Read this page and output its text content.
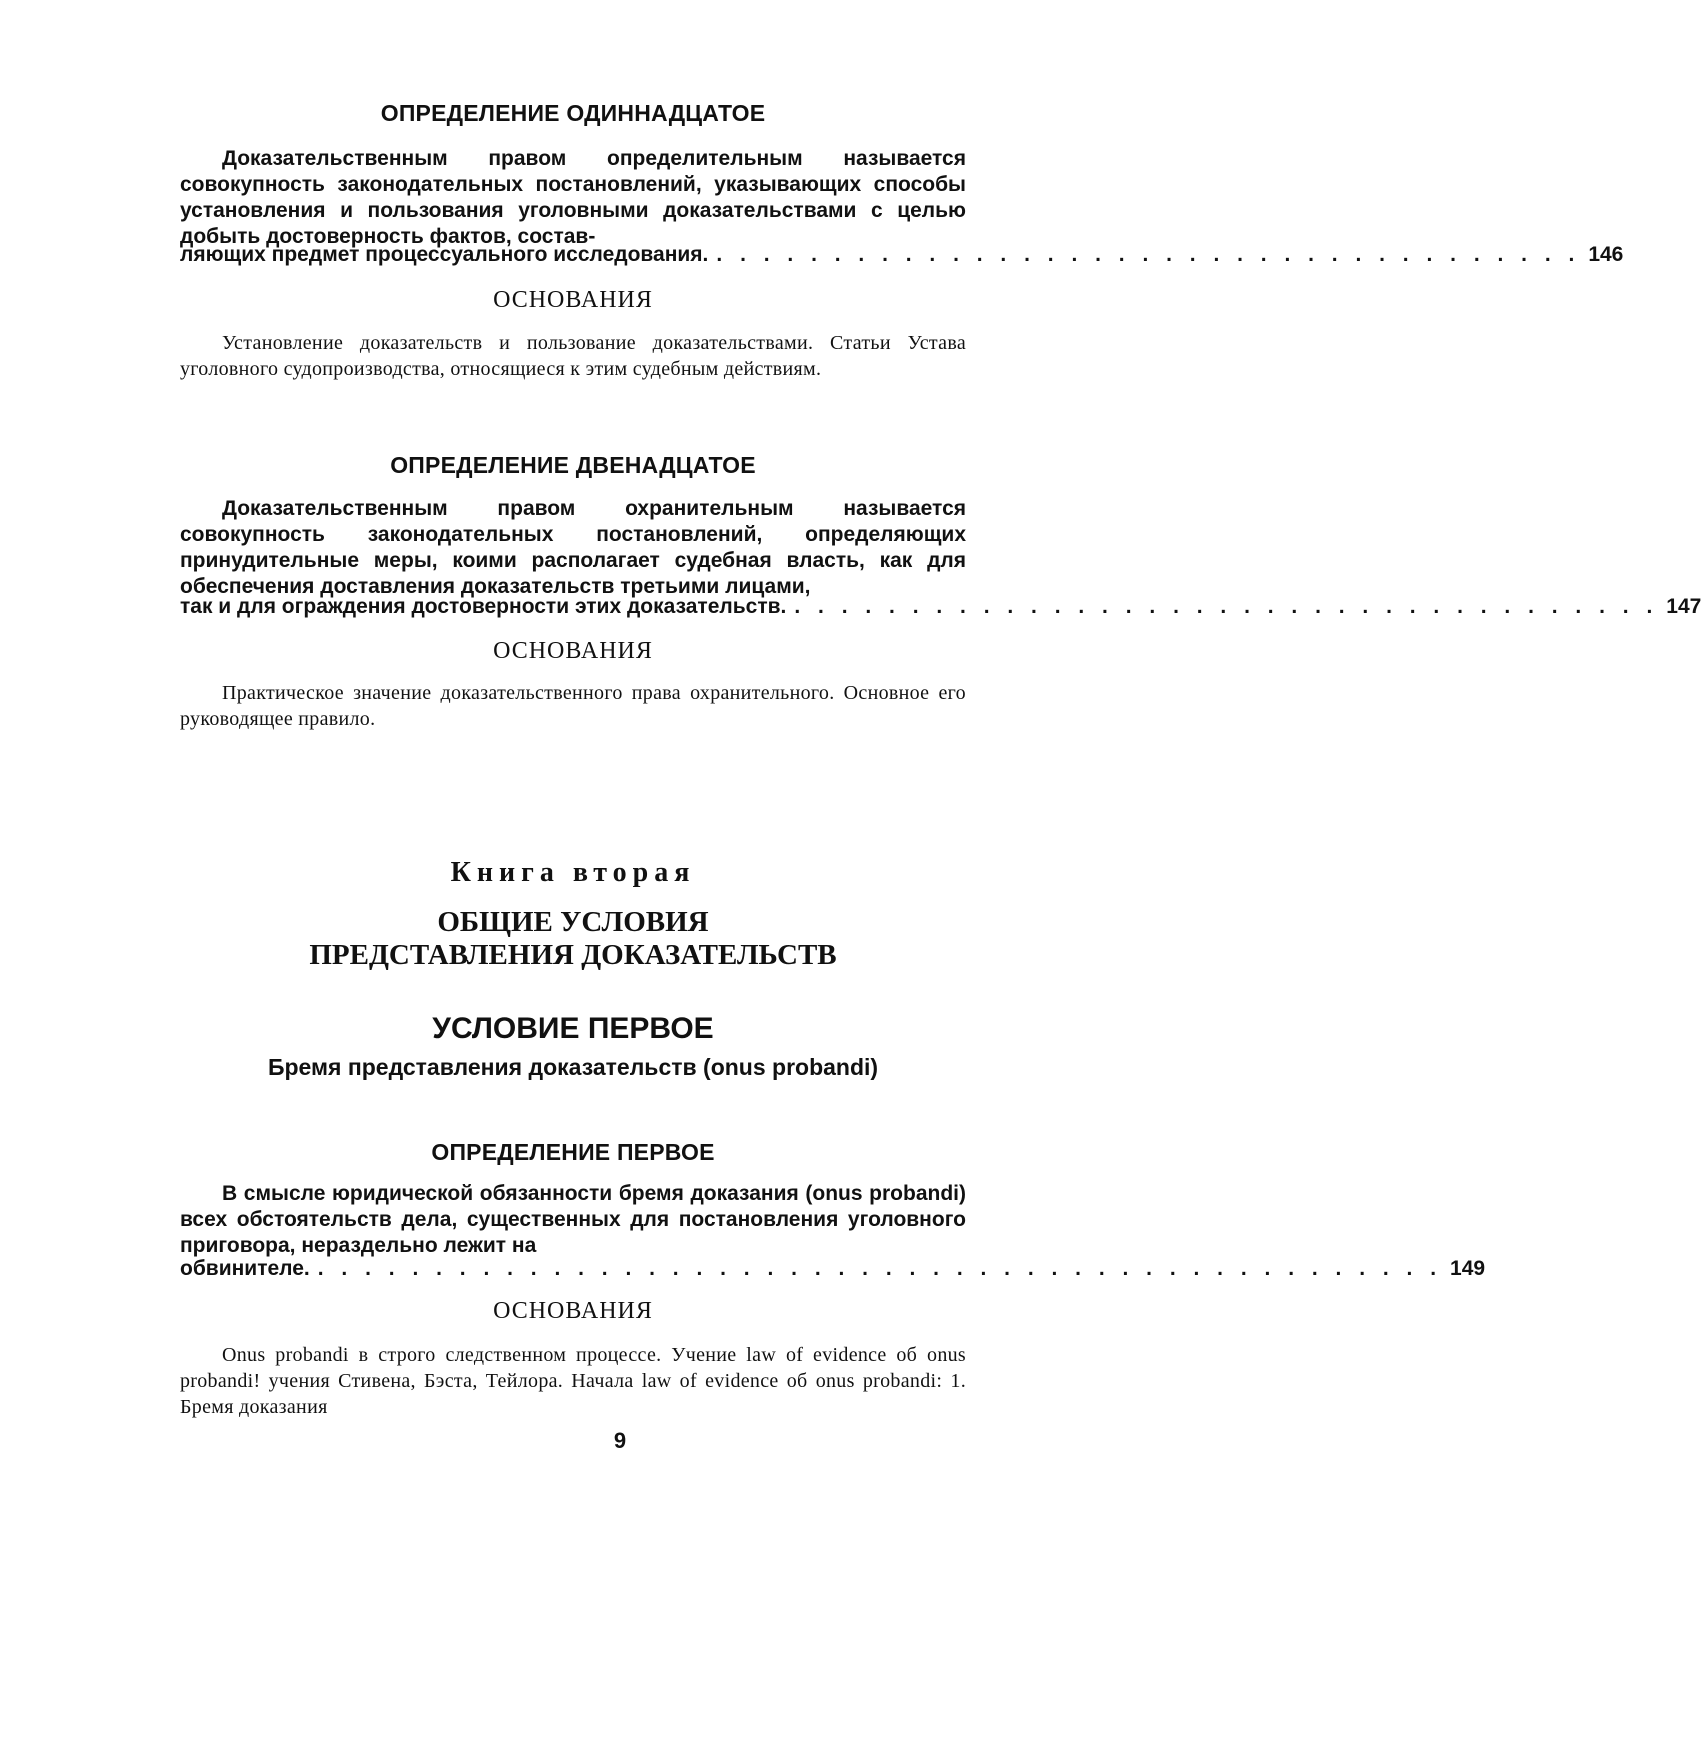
ОПРЕДЕЛЕНИЕ ОДИННАДЦАТОЕ

Доказательственным правом определительным называется совокупность законодательных постановлений, указывающих способы установления и пользования уголовными доказательствами с целью добыть достоверность фактов, состав-

ляющих предмет процессуального исследования. . . . . . . . . . . . . . . . . . . . . . . . . . . . . . . . . . . . . . 146
ОСНОВАНИЯ

Установление доказательств и пользование доказательствами. Статьи Устава уголовного судопроизводства, относящиеся к этим судебным действиям.

ОПРЕДЕЛЕНИЕ ДВЕНАДЦАТОЕ

Доказательственным правом охранительным называется совокупность законодательных постановлений, определяющих принудительные меры, коими располагает судебная власть, как для обеспечения доставления доказательств третьими лицами,

так и для ограждения достоверности этих доказательств. . . . . . . . . . . . . . . . . . . . . . . . . . . . . . . . . . . . . . 147
ОСНОВАНИЯ

Практическое значение доказательственного права охранительного. Основное его руководящее правило.

Книга вторая
ОБЩИЕ УСЛОВИЯ
ПРЕДСТАВЛЕНИЯ ДОКАЗАТЕЛЬСТВ
УСЛОВИЕ ПЕРВОЕ
Бремя представления доказательств (onus probandi)
ОПРЕДЕЛЕНИЕ ПЕРВОЕ

В смысле юридической обязанности бремя доказания (onus probandi) всех обстоятельств дела, существенных для постановления уголовного приговора, нераздельно лежит на

обвинителе. . . . . . . . . . . . . . . . . . . . . . . . . . . . . . . . . . . . . . . . . . . . . . . . . 149
ОСНОВАНИЯ

Onus probandi в строго следственном процессе. Учение law of evidence об onus probandi! учения Стивена, Бэста, Тейлора. Начала law of evidence об onus probandi: 1. Бремя доказания

9
